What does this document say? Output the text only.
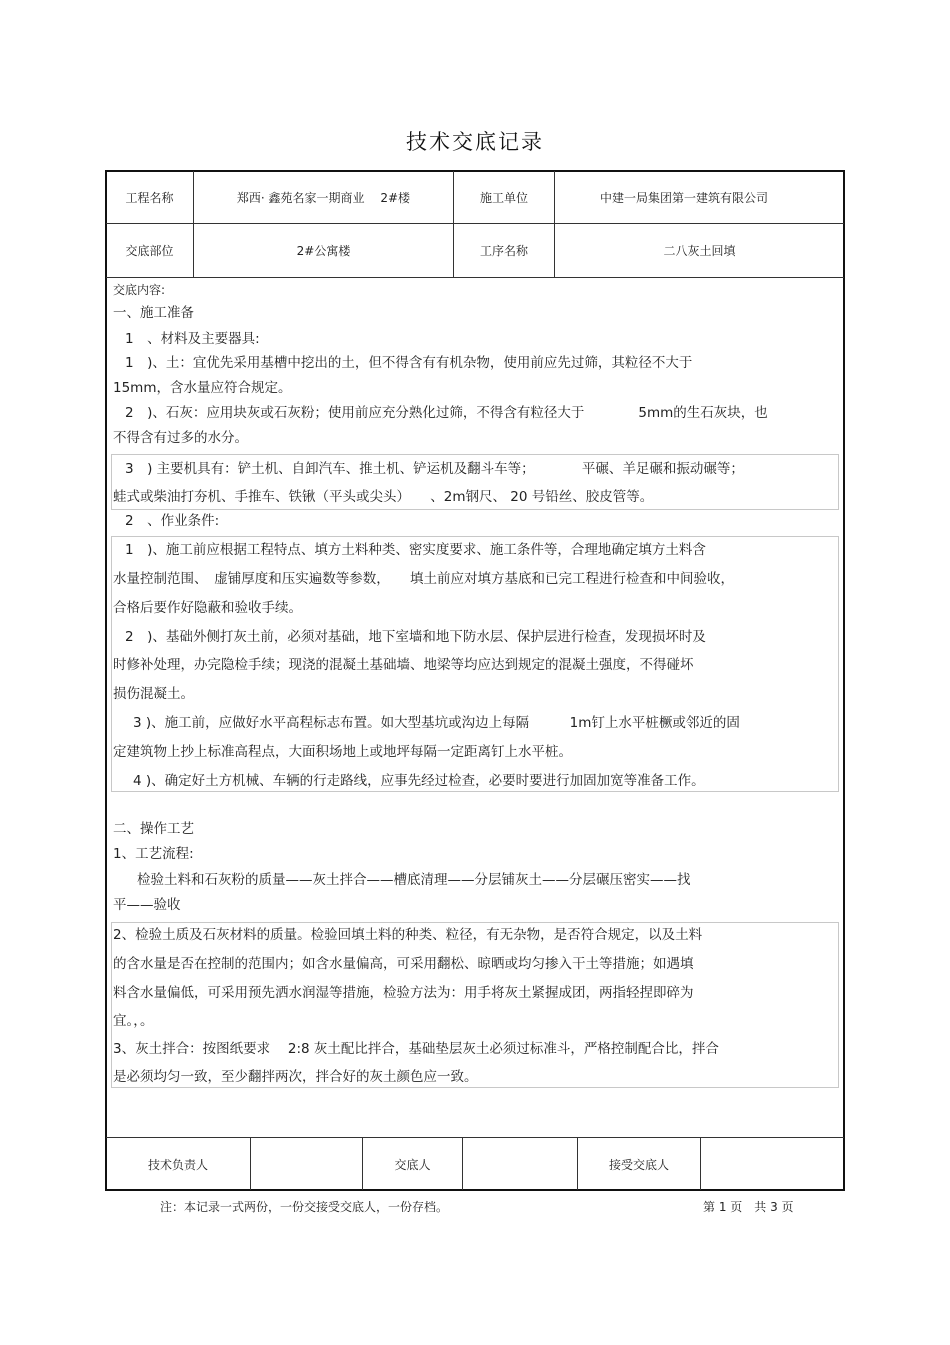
技术交底记录
工程名称	郑西· 鑫苑名家一期商业　 2#楼	施工单位	中建一局集团第一建筑有限公司
交底部位	2#公寓楼	工序名称	二八灰土回填
交底内容:
一、施工准备
1　、材料及主要器具:
1　)、土：宜优先采用基槽中挖出的土，但不得含有有机杂物，使用前应先过筛，其粒径不大于
15mm，含水量应符合规定。
2　)、石灰：应用块灰或石灰粉；使用前应充分熟化过筛，不得含有粒径大于　　　　5mm的生石灰块，也
不得含有过多的水分。
3　) 主要机具有：铲土机、自卸汽车、推土机、铲运机及翻斗车等；　　　　平碾、羊足碾和振动碾等；
蛙式或柴油打夯机、手推车、铁锹（平头或尖头）　　、2m钢尺、 20 号铅丝、胶皮管等。
2　、作业条件:
1　)、施工前应根据工程特点、填方土料种类、密实度要求、施工条件等，合理地确定填方土料含
水量控制范围、　虚铺厚度和压实遍数等参数，　　填土前应对填方基底和已完工程进行检查和中间验收，
合格后要作好隐蔽和验收手续。
2　)、基础外侧打灰土前，必须对基础，地下室墙和地下防水层、保护层进行检查，发现损坏时及
时修补处理，办完隐检手续；现浇的混凝土基础墙、地梁等均应达到规定的混凝土强度，不得碰坏
损伤混凝土。
3 )、施工前，应做好水平高程标志布置。如大型基坑或沟边上每隔　　　1m钉上水平桩橛或邻近的固
定建筑物上抄上标准高程点，大面积场地上或地坪每隔一定距离钉上水平桩。
4 )、确定好土方机械、车辆的行走路线，应事先经过检查，必要时要进行加固加宽等准备工作。
二、操作工艺
1、工艺流程:
检验土料和石灰粉的质量——灰土拌合——槽底清理——分层铺灰土——分层碾压密实——找
平——验收
2、检验土质及石灰材料的质量。检验回填土料的种类、粒径，有无杂物，是否符合规定，以及土料
的含水量是否在控制的范围内；如含水量偏高，可采用翻松、晾晒或均匀掺入干土等措施；如遇填
料含水量偏低，可采用预先洒水润湿等措施，检验方法为：用手将灰土紧握成团，两指轻捏即碎为
宜。，。
3、灰土拌合：按图纸要求　 2:8 灰土配比拌合，基础垫层灰土必须过标准斗，严格控制配合比，拌合
是必须均匀一致，至少翻拌两次，拌合好的灰土颜色应一致。
技术负责人	交底人	接受交底人
注：本记录一式两份，一份交接受交底人，一份存档。	第 1 页　共 3 页
